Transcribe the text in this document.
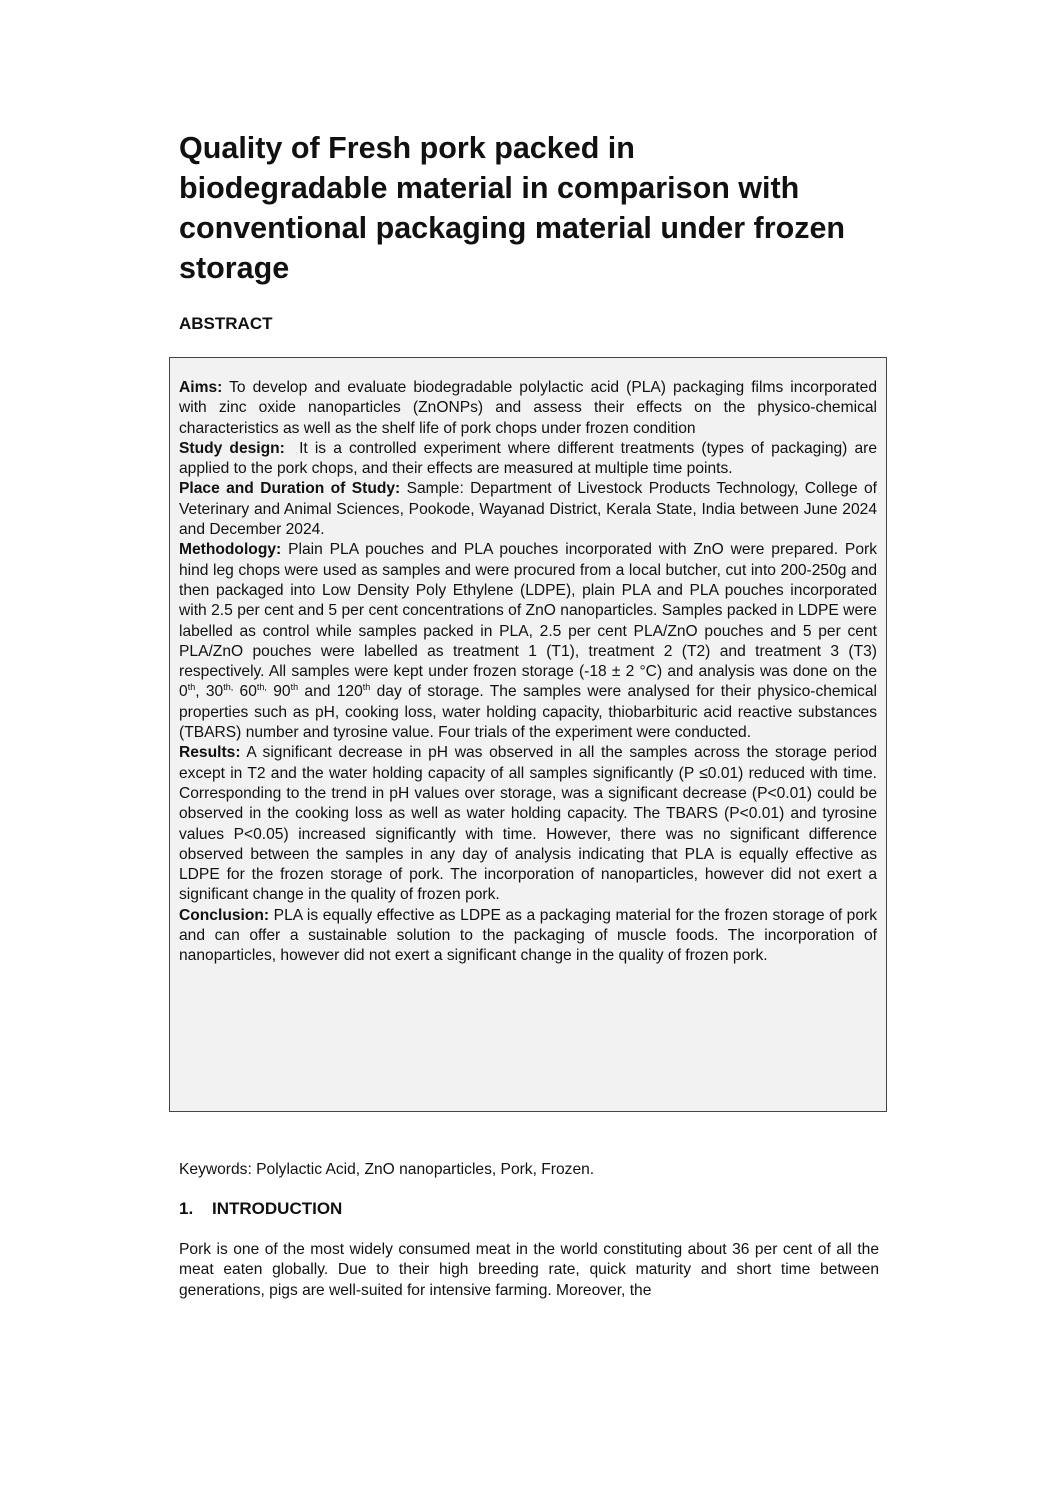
Quality of Fresh pork packed in
biodegradable material in comparison with
conventional packaging material under frozen
storage
ABSTRACT

Aims: To develop and evaluate biodegradable polylactic acid (PLA) packaging films incorporated with zinc oxide nanoparticles (ZnONPs) and assess their effects on the physico-chemical characteristics as well as the shelf life of pork chops under frozen condition

Study design:  It is a controlled experiment where different treatments (types of packaging) are applied to the pork chops, and their effects are measured at multiple time points.

Place and Duration of Study: Sample: Department of Livestock Products Technology, College of Veterinary and Animal Sciences, Pookode, Wayanad District, Kerala State, India between June 2024 and December 2024.

Methodology: Plain PLA pouches and PLA pouches incorporated with ZnO were prepared. Pork hind leg chops were used as samples and were procured from a local butcher, cut into 200-250g and then packaged into Low Density Poly Ethylene (LDPE), plain PLA and PLA pouches incorporated with 2.5 per cent and 5 per cent concentrations of ZnO nanoparticles. Samples packed in LDPE were labelled as control while samples packed in PLA, 2.5 per cent PLA/ZnO pouches and 5 per cent PLA/ZnO pouches were labelled as treatment 1 (T1), treatment 2 (T2) and treatment 3 (T3) respectively. All samples were kept under frozen storage (-18 ± 2 °C) and analysis was done on the 0th, $30^{th,}$ $60^{th,}$ 90th and 120th day of storage. The samples were analysed for their physico-chemical properties such as pH, cooking loss, water holding capacity, thiobarbituric acid reactive substances (TBARS) number and tyrosine value. Four trials of the experiment were conducted.

Results: A significant decrease in pH was observed in all the samples across the storage period except in T2 and the water holding capacity of all samples significantly (P ≤0.01) reduced with time. Corresponding to the trend in pH values over storage, was a significant decrease (P<0.01) could be observed in the cooking loss as well as water holding capacity. The TBARS (P<0.01) and tyrosine values P<0.05) increased significantly with time. However, there was no significant difference observed between the samples in any day of analysis indicating that PLA is equally effective as LDPE for the frozen storage of pork. The incorporation of nanoparticles, however did not exert a significant change in the quality of frozen pork.

Conclusion: PLA is equally effective as LDPE as a packaging material for the frozen storage of pork and can offer a sustainable solution to the packaging of muscle foods. The incorporation of nanoparticles, however did not exert a significant change in the quality of frozen pork.

Keywords: Polylactic Acid, ZnO nanoparticles, Pork, Frozen.

1. INTRODUCTION

Pork is one of the most widely consumed meat in the world constituting about 36 per cent of all the meat eaten globally. Due to their high breeding rate, quick maturity and short time between generations, pigs are well-suited for intensive farming. Moreover, the
